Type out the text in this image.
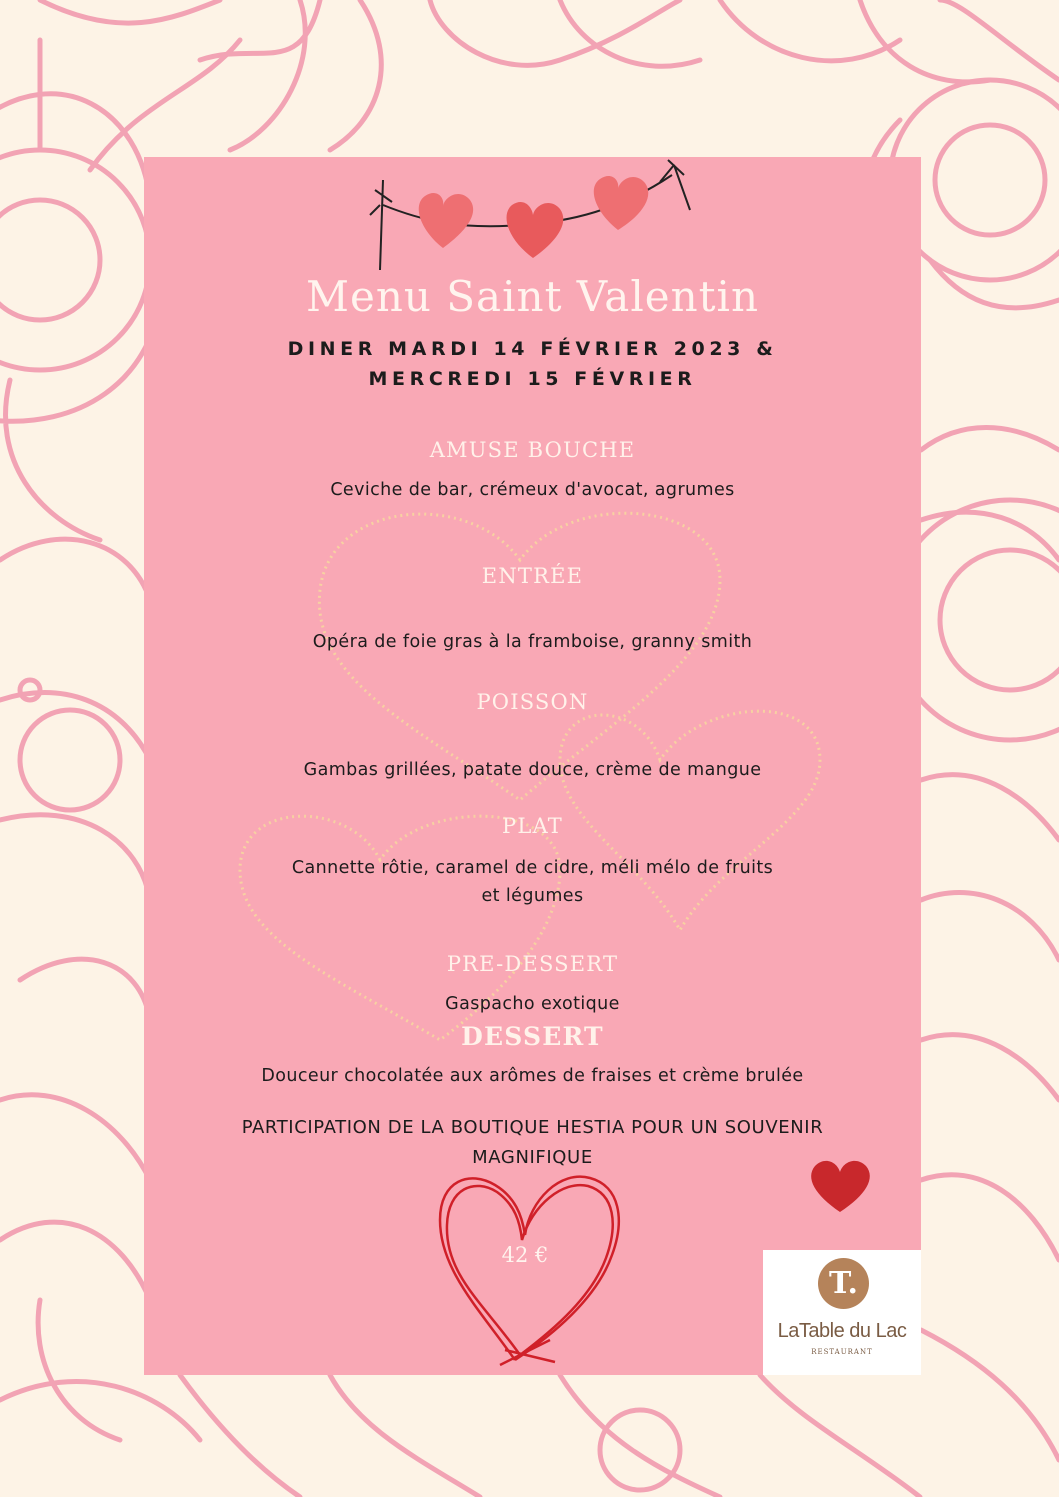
Menu Saint Valentin
DINER MARDI 14 FÉVRIER 2023 &
MERCREDI 15 FÉVRIER
AMUSE BOUCHE
Ceviche de bar, crémeux d'avocat, agrumes
ENTRÉE
Opéra de foie gras à la framboise, granny smith
POISSON
Gambas grillées, patate douce, crème de mangue
PLAT
Cannette rôtie, caramel de cidre, méli mélo de fruits
et légumes
PRE-DESSERT
Gaspacho exotique
DESSERT
Douceur chocolatée aux arômes de fraises et crème brulée
PARTICIPATION DE LA BOUTIQUE HESTIA POUR UN SOUVENIR
MAGNIFIQUE
42 €
T.
LaTable du Lac
RESTAURANT
